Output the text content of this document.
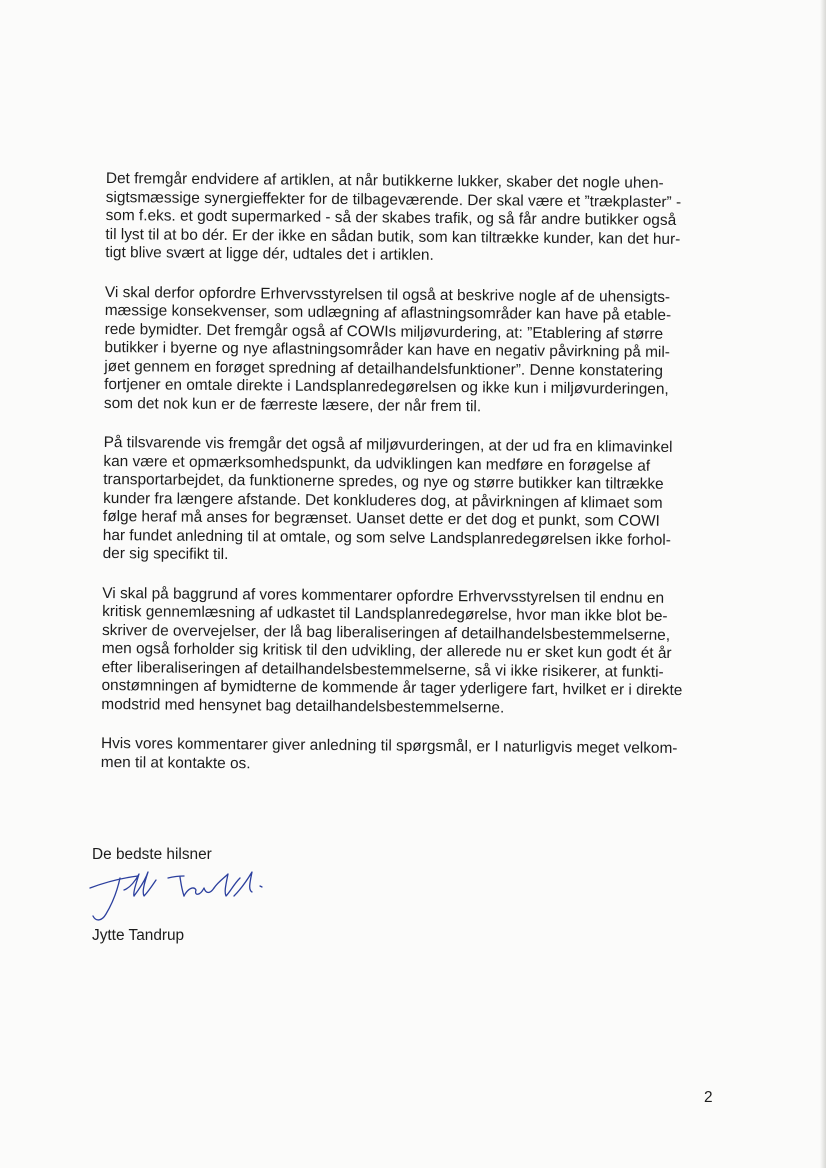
Det fremgår endvidere af artiklen, at når butikkerne lukker, skaber det nogle uhen-
sigtsmæssige synergieffekter for de tilbageværende. Der skal være et ”trækplaster” -
som f.eks. et godt supermarked - så der skabes trafik, og så får andre butikker også
til lyst til at bo dér. Er der ikke en sådan butik, som kan tiltrække kunder, kan det hur-
tigt blive svært at ligge dér, udtales det i artiklen.

Vi skal derfor opfordre Erhvervsstyrelsen til også at beskrive nogle af de uhensigts-
mæssige konsekvenser, som udlægning af aflastningsområder kan have på etable-
rede bymidter. Det fremgår også af COWIs miljøvurdering, at: ”Etablering af større
butikker i byerne og nye aflastningsområder kan have en negativ påvirkning på mil-
jøet gennem en forøget spredning af detailhandelsfunktioner”. Denne konstatering
fortjener en omtale direkte i Landsplanredegørelsen og ikke kun i miljøvurderingen,
som det nok kun er de færreste læsere, der når frem til.

På tilsvarende vis fremgår det også af miljøvurderingen, at der ud fra en klimavinkel
kan være et opmærksomhedspunkt, da udviklingen kan medføre en forøgelse af
transportarbejdet, da funktionerne spredes, og nye og større butikker kan tiltrække
kunder fra længere afstande. Det konkluderes dog, at påvirkningen af klimaet som
følge heraf må anses for begrænset. Uanset dette er det dog et punkt, som COWI
har fundet anledning til at omtale, og som selve Landsplanredegørelsen ikke forhol-
der sig specifikt til.

Vi skal på baggrund af vores kommentarer opfordre Erhvervsstyrelsen til endnu en
kritisk gennemlæsning af udkastet til Landsplanredegørelse, hvor man ikke blot be-
skriver de overvejelser, der lå bag liberaliseringen af detailhandelsbestemmelserne,
men også forholder sig kritisk til den udvikling, der allerede nu er sket kun godt ét år
efter liberaliseringen af detailhandelsbestemmelserne, så vi ikke risikerer, at funkti-
onstømningen af bymidterne de kommende år tager yderligere fart, hvilket er i direkte
modstrid med hensynet bag detailhandelsbestemmelserne.

Hvis vores kommentarer giver anledning til spørgsmål, er I naturligvis meget velkom-
men til at kontakte os.

De bedste hilsner
Jytte Tandrup
2
